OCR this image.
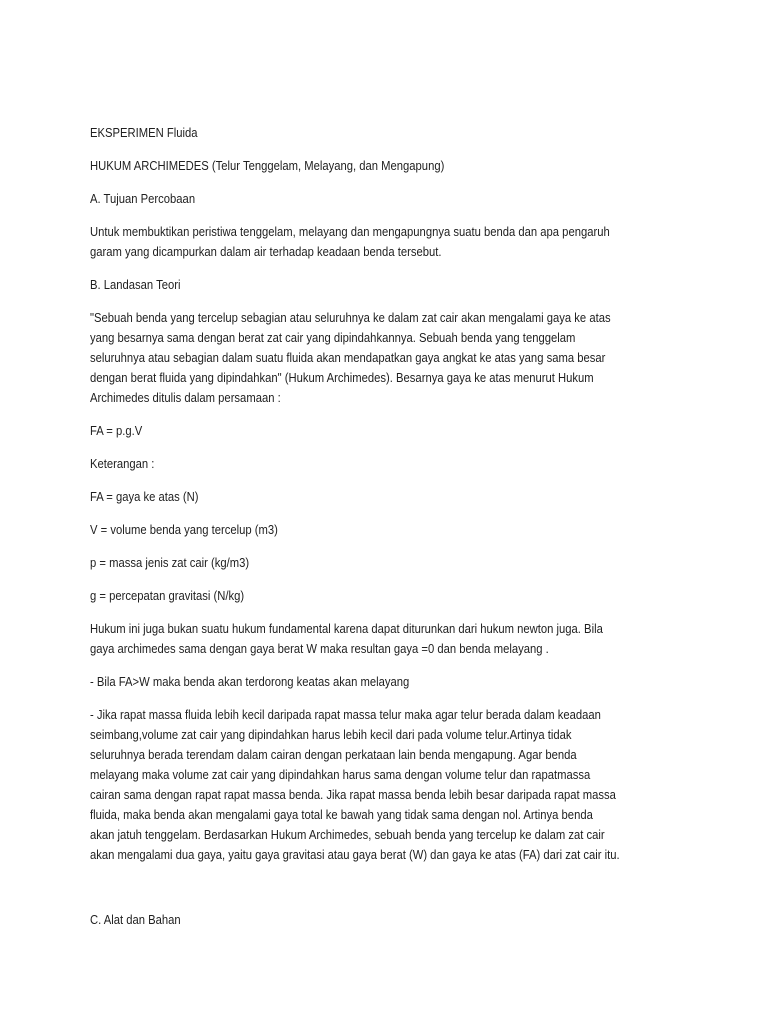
EKSPERIMEN Fluida
HUKUM ARCHIMEDES (Telur Tenggelam, Melayang, dan Mengapung)
A. Tujuan Percobaan
Untuk membuktikan peristiwa tenggelam, melayang dan mengapungnya suatu benda dan apa pengaruh
garam yang dicampurkan dalam air terhadap keadaan benda tersebut.
B. Landasan Teori
"Sebuah benda yang tercelup sebagian atau seluruhnya ke dalam zat cair akan mengalami gaya ke atas
yang besarnya sama dengan berat zat cair yang dipindahkannya. Sebuah benda yang tenggelam
seluruhnya atau sebagian dalam suatu fluida akan mendapatkan gaya angkat ke atas yang sama besar
dengan berat fluida yang dipindahkan" (Hukum Archimedes). Besarnya gaya ke atas menurut Hukum
Archimedes ditulis dalam persamaan :
FA = p.g.V
Keterangan :
FA = gaya ke atas (N)
V = volume benda yang tercelup (m3)
p = massa jenis zat cair (kg/m3)
g = percepatan gravitasi (N/kg)
Hukum ini juga bukan suatu hukum fundamental karena dapat diturunkan dari hukum newton juga. Bila
gaya archimedes sama dengan gaya berat W maka resultan gaya =0 dan benda melayang .
- Bila FA>W maka benda akan terdorong keatas akan melayang
- Jika rapat massa fluida lebih kecil daripada rapat massa telur maka agar telur berada dalam keadaan
seimbang,volume zat cair yang dipindahkan harus lebih kecil dari pada volume telur.Artinya tidak
seluruhnya berada terendam dalam cairan dengan perkataan lain benda mengapung. Agar benda
melayang maka volume zat cair yang dipindahkan harus sama dengan volume telur dan rapatmassa
cairan sama dengan rapat rapat massa benda. Jika rapat massa benda lebih besar daripada rapat massa
fluida, maka benda akan mengalami gaya total ke bawah yang tidak sama dengan nol. Artinya benda
akan jatuh tenggelam. Berdasarkan Hukum Archimedes, sebuah benda yang tercelup ke dalam zat cair
akan mengalami dua gaya, yaitu gaya gravitasi atau gaya berat (W) dan gaya ke atas (FA) dari zat cair itu.
C. Alat dan Bahan
